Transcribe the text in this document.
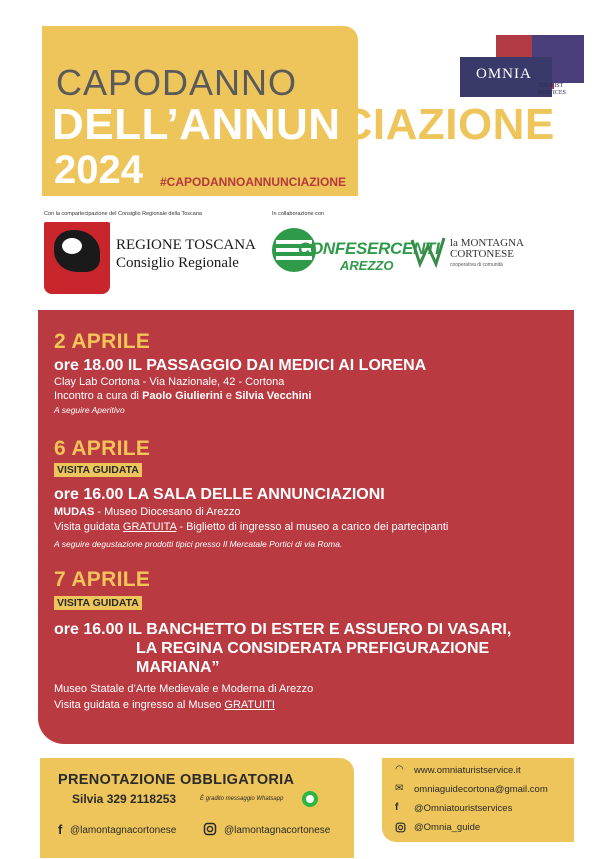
CAPODANNO
DELL’ANNUNCIAZIONE
2024 #CAPODANNOANNUNCIAZIONE
OMNIA
TOURIST SERVICES
Con la compartecipazione del Consiglio Regionale della Toscana	In collaborazione con
REGIONE TOSCANA
Consiglio Regionale
CONFESERCENTI
AREZZO
la MONTAGNA
CORTONESE
cooperativa di comunità
2 APRILE
ore 18.00 IL PASSAGGIO DAI MEDICI AI LORENA
Clay Lab Cortona - Via Nazionale, 42 - Cortona
Incontro a cura di Paolo Giulierini e Silvia Vecchini
A seguire Aperitivo
6 APRILE
VISITA GUIDATA
ore 16.00 LA SALA DELLE ANNUNCIAZIONI
MUDAS - Museo Diocesano di Arezzo
Visita guidata GRATUITA - Biglietto di ingresso al museo a carico dei partecipanti
A seguire degustazione prodotti tipici presso Il Mercatale Portici di via Roma.
7 APRILE
VISITA GUIDATA
ore 16.00 IL BANCHETTO DI ESTER E ASSUERO DI VASARI,
LA REGINA CONSIDERATA PREFIGURAZIONE
MARIANA”
Museo Statale d’Arte Medievale e Moderna di Arezzo
Visita guidata e ingresso al Museo GRATUITI
PRENOTAZIONE OBBLIGATORIA
Silvia 329 2118253	È gradito messaggio Whatsapp
f @lamontagnacortonese	@lamontagnacortonese
◠ www.omniaturistservice.it
✉ omniaguidecortona@gmail.com
f @Omniatouristservices
@Omnia_guide
